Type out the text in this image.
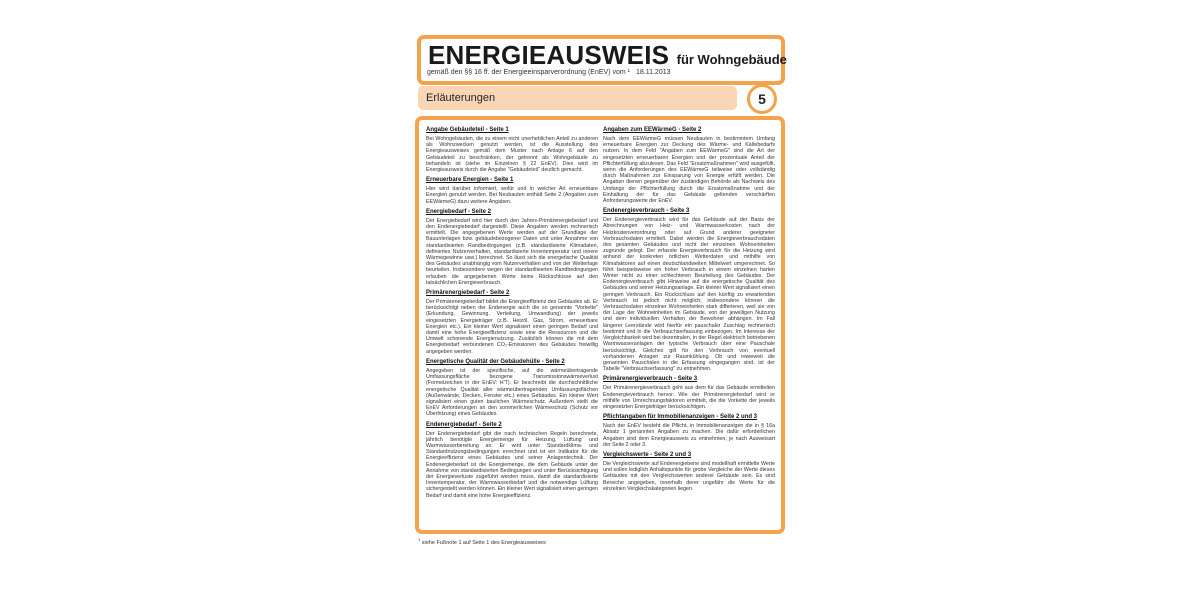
ENERGIEAUSWEIS für Wohngebäude
gemäß den §§ 16 ff. der Energieeinsparverordnung (EnEV) vom ¹ 18.11.2013
Erläuterungen	5
Angabe Gebäudeteil - Seite 1

Bei Wohngebäuden, die zu einem nicht unerheblichen Anteil zu anderen als Wohnzwecken genutzt werden, ist die Ausstellung des Energieausweises gemäß dem Muster nach Anlage 6 auf den Gebäudeteil zu beschränken, der getrennt als Wohngebäude zu behandeln ist (siehe im Einzelnen § 22 EnEV). Dies wird im Energieausweis durch die Angabe "Gebäudeteil" deutlich gemacht.

Erneuerbare Energien - Seite 1

Hier wird darüber informiert, wofür und in welcher Art erneuerbare Energien genutzt werden. Bei Neubauten enthält Seite 2 (Angaben zum EEWärmeG) dazu weitere Angaben.

Energiebedarf - Seite 2

Der Energiebedarf wird hier durch den Jahres-Primärenergiebedarf und den Endenergiebedarf dargestellt. Diese Angaben werden rechnerisch ermittelt. Die angegebenen Werte werden auf der Grundlage der Bauunterlagen bzw. gebäudebezogener Daten und unter Annahme von standardisierten Randbedingungen (z.B. standardisierte Klimadaten, definiertes Nutzerverhalten, standardisierte Innentemperatur und innere Wärmegewinne usw.) berechnet. So lässt sich die energetische Qualität des Gebäudes unabhängig vom Nutzerverhalten und von der Wetterlage beurteilen. Insbesondere wegen der standardisierten Randbedingungen erlauben die angegebenen Werte keine Rückschlüsse auf den tatsächlichen Energieverbrauch.

Primärenergiebedarf - Seite 2

Der Primärenergiebedarf bildet die Energieeffizienz des Gebäudes ab. Er berücksichtigt neben der Endenergie auch die so genannte "Vorkette" (Erkundung, Gewinnung, Verteilung, Umwandlung) der jeweils eingesetzten Energieträger (z.B. Heizöl, Gas, Strom, erneuerbare Energien etc.). Ein kleiner Wert signalisiert einen geringen Bedarf und damit eine hohe Energieeffizienz sowie eine die Ressourcen und die Umwelt schonende Energienutzung. Zusätzlich können die mit dem Energiebedarf verbundenen CO₂-Emissionen des Gebäudes freiwillig angegeben werden.

Energetische Qualität der Gebäudehülle - Seite 2

Angegeben ist der spezifische, auf die wärmeübertragende Umfassungsfläche bezogene Transmissionswärmeverlust (Formelzeichen in der EnEV: H'T). Er beschreibt die durchschnittliche energetische Qualität aller wärmeübertragenden Umfassungsflächen (Außenwände, Decken, Fenster etc.) eines Gebäudes. Ein kleiner Wert signalisiert einen guten baulichen Wärmeschutz. Außerdem stellt die EnEV Anforderungen an den sommerlichen Wärmeschutz (Schutz vor Überhitzung) eines Gebäudes.

Endenergiebedarf - Seite 2

Der Endenergiebedarf gibt die nach technischen Regeln berechnete, jährlich benötigte Energiemenge für Heizung, Lüftung und Warmwasserbereitung an. Er wird unter Standardklima- und Standardnutzungsbedingungen errechnet und ist ein Indikator für die Energieeffizienz eines Gebäudes und seiner Anlagentechnik. Der Endenergiebedarf ist die Energiemenge, die dem Gebäude unter der Annahme von standardisierten Bedingungen und unter Berücksichtigung der Energieverluste zugeführt werden muss, damit die standardisierte Innentemperatur, der Warmwasserbedarf und die notwendige Lüftung sichergestellt werden können. Ein kleiner Wert signalisiert einen geringen Bedarf und damit eine hohe Energieeffizienz.

Angaben zum EEWärmeG - Seite 2

Nach dem EEWärmeG müssen Neubauten in bestimmtem Umfang erneuerbare Energien zur Deckung des Wärme- und Kältebedarfs nutzen. In dem Feld "Angaben zum EEWärmeG" sind die Art der eingesetzten erneuerbaren Energien und der prozentuale Anteil der Pflichterfüllung abzulesen. Das Feld "Ersatzmaßnahmen" wird ausgefüllt, wenn die Anforderungen des EEWärmeG teilweise oder vollständig durch Maßnahmen zur Einsparung von Energie erfüllt werden. Die Angaben dienen gegenüber der zuständigen Behörde als Nachweis des Umfangs der Pflichterfüllung durch die Ersatzmaßnahme und der Einhaltung der für das Gebäude geltenden verschärften Anforderungswerte der EnEV.

Endenergieverbrauch - Seite 3

Der Endenergieverbrauch wird für das Gebäude auf der Basis der Abrechnungen von Heiz- und Warmwasserkosten nach der Heizkostenverordnung oder auf Grund anderer geeigneter Verbrauchsdaten ermittelt. Dabei werden die Energieverbrauchsdaten des gesamten Gebäudes und nicht der einzelnen Wohneinheiten zugrunde gelegt. Der erfasste Energieverbrauch für die Heizung wird anhand der konkreten örtlichen Wetterdaten und mithilfe von Klimafaktoren auf einen deutschlandweiten Mittelwert umgerechnet. So führt beispielsweise ein hoher Verbrauch in einem einzelnen harten Winter nicht zu einer schlechteren Beurteilung des Gebäudes. Der Endenergieverbrauch gibt Hinweise auf die energetische Qualität des Gebäudes und seiner Heizungsanlage. Ein kleiner Wert signalisiert einen geringen Verbrauch. Ein Rückschluss auf den künftig zu erwartenden Verbrauch ist jedoch nicht möglich; insbesondere können die Verbrauchsdaten einzelner Wohneinheiten stark differieren, weil sie von der Lage der Wohneinheiten im Gebäude, von der jeweiligen Nutzung und dem individuellen Verhalten der Bewohner abhängen. Im Fall längerer Leerstände wird hierfür ein pauschaler Zuschlag rechnerisch bestimmt und in die Verbrauchserfassung einbezogen. Im Interesse der Vergleichbarkeit wird bei dezentralen, in der Regel elektrisch betriebenen Warmwasseranlagen der typische Verbrauch über eine Pauschale berücksichtigt. Gleiches gilt für den Verbrauch von eventuell vorhandenen Anlagen zur Raumkühlung. Ob und inwieweit die genannten Pauschalen in die Erfassung eingegangen sind, ist der Tabelle "Verbrauchserfassung" zu entnehmen.

Primärenergieverbrauch - Seite 3

Der Primärenergieverbrauch geht aus dem für das Gebäude ermittelten Endenergieverbrauch hervor. Wie der Primärenergiebedarf wird er mithilfe von Umrechnungsfaktoren ermittelt, die die Vorkette der jeweils eingesetzten Energieträger berücksichtigen.

Pflichtangaben für Immobilienanzeigen - Seite 2 und 3

Nach der EnEV besteht die Pflicht, in Immobilienanzeigen die in § 16a Absatz 1 genannten Angaben zu machen. Die dafür erforderlichen Angaben sind dem Energieausweis zu entnehmen, je nach Ausweisart der Seite 2 oder 3.

Vergleichswerte - Seite 2 und 3

Die Vergleichswerte auf Endenergiebene sind modellhaft ermittelte Werte und sollen lediglich Anhaltspunkte für grobe Vergleiche der Werte dieses Gebäudes mit den Vergleichswerten anderer Gebäude sein. Es sind Bereiche angegeben, innerhalb derer ungefähr die Werte für die einzelnen Vergleichskategorien liegen.

$^1$ siehe Fußnote 1 auf Seite 1 des Energieausweises
